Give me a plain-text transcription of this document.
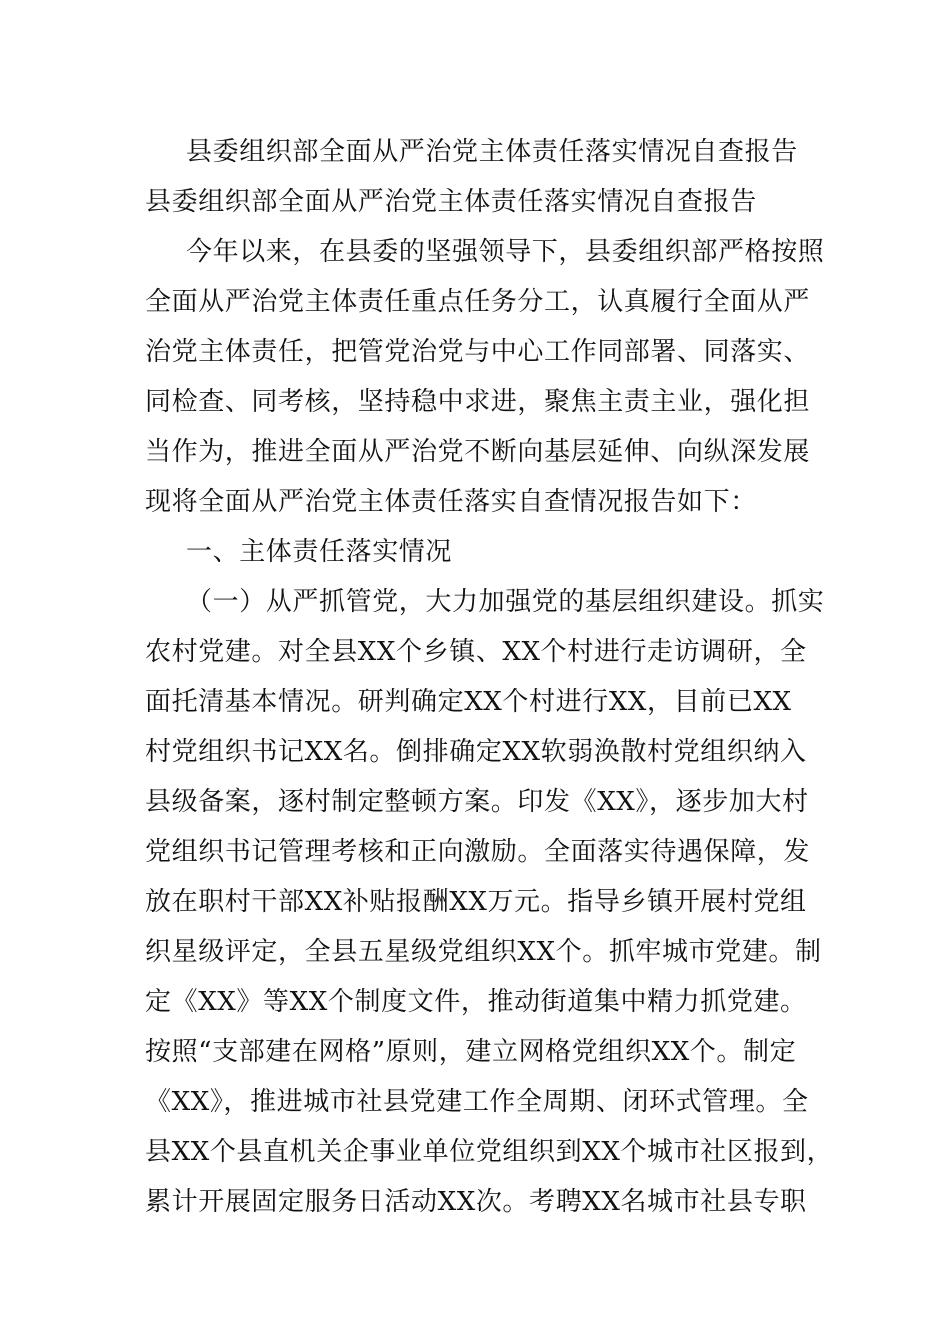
县委组织部全面从严治党主体责任落实情况自查报告
县委组织部全面从严治党主体责任落实情况自查报告
今年以来，在县委的坚强领导下，县委组织部严格按照
全面从严治党主体责任重点任务分工，认真履行全面从严
治党主体责任，把管党治党与中心工作同部署、同落实、
同检查、同考核，坚持稳中求进，聚焦主责主业，强化担
当作为，推进全面从严治党不断向基层延伸、向纵深发展
现将全面从严治党主体责任落实自查情况报告如下：
一、主体责任落实情况
（一）从严抓管党，大力加强党的基层组织建设。抓实
农村党建。对全县XX个乡镇、XX个村进行走访调研，全
面托清基本情况。研判确定XX个村进行XX，目前已XX
村党组织书记XX名。倒排确定XX软弱涣散村党组织纳入
县级备案，逐村制定整顿方案。印发《XX》，逐步加大村
党组织书记管理考核和正向激励。全面落实待遇保障，发
放在职村干部XX补贴报酬XX万元。指导乡镇开展村党组
织星级评定，全县五星级党组织XX个。抓牢城市党建。制
定《XX》等XX个制度文件，推动街道集中精力抓党建。
按照“支部建在网格”原则，建立网格党组织XX个。制定
《XX》，推进城市社县党建工作全周期、闭环式管理。全
县XX个县直机关企事业单位党组织到XX个城市社区报到，
累计开展固定服务日活动XX次。考聘XX名城市社县专职
